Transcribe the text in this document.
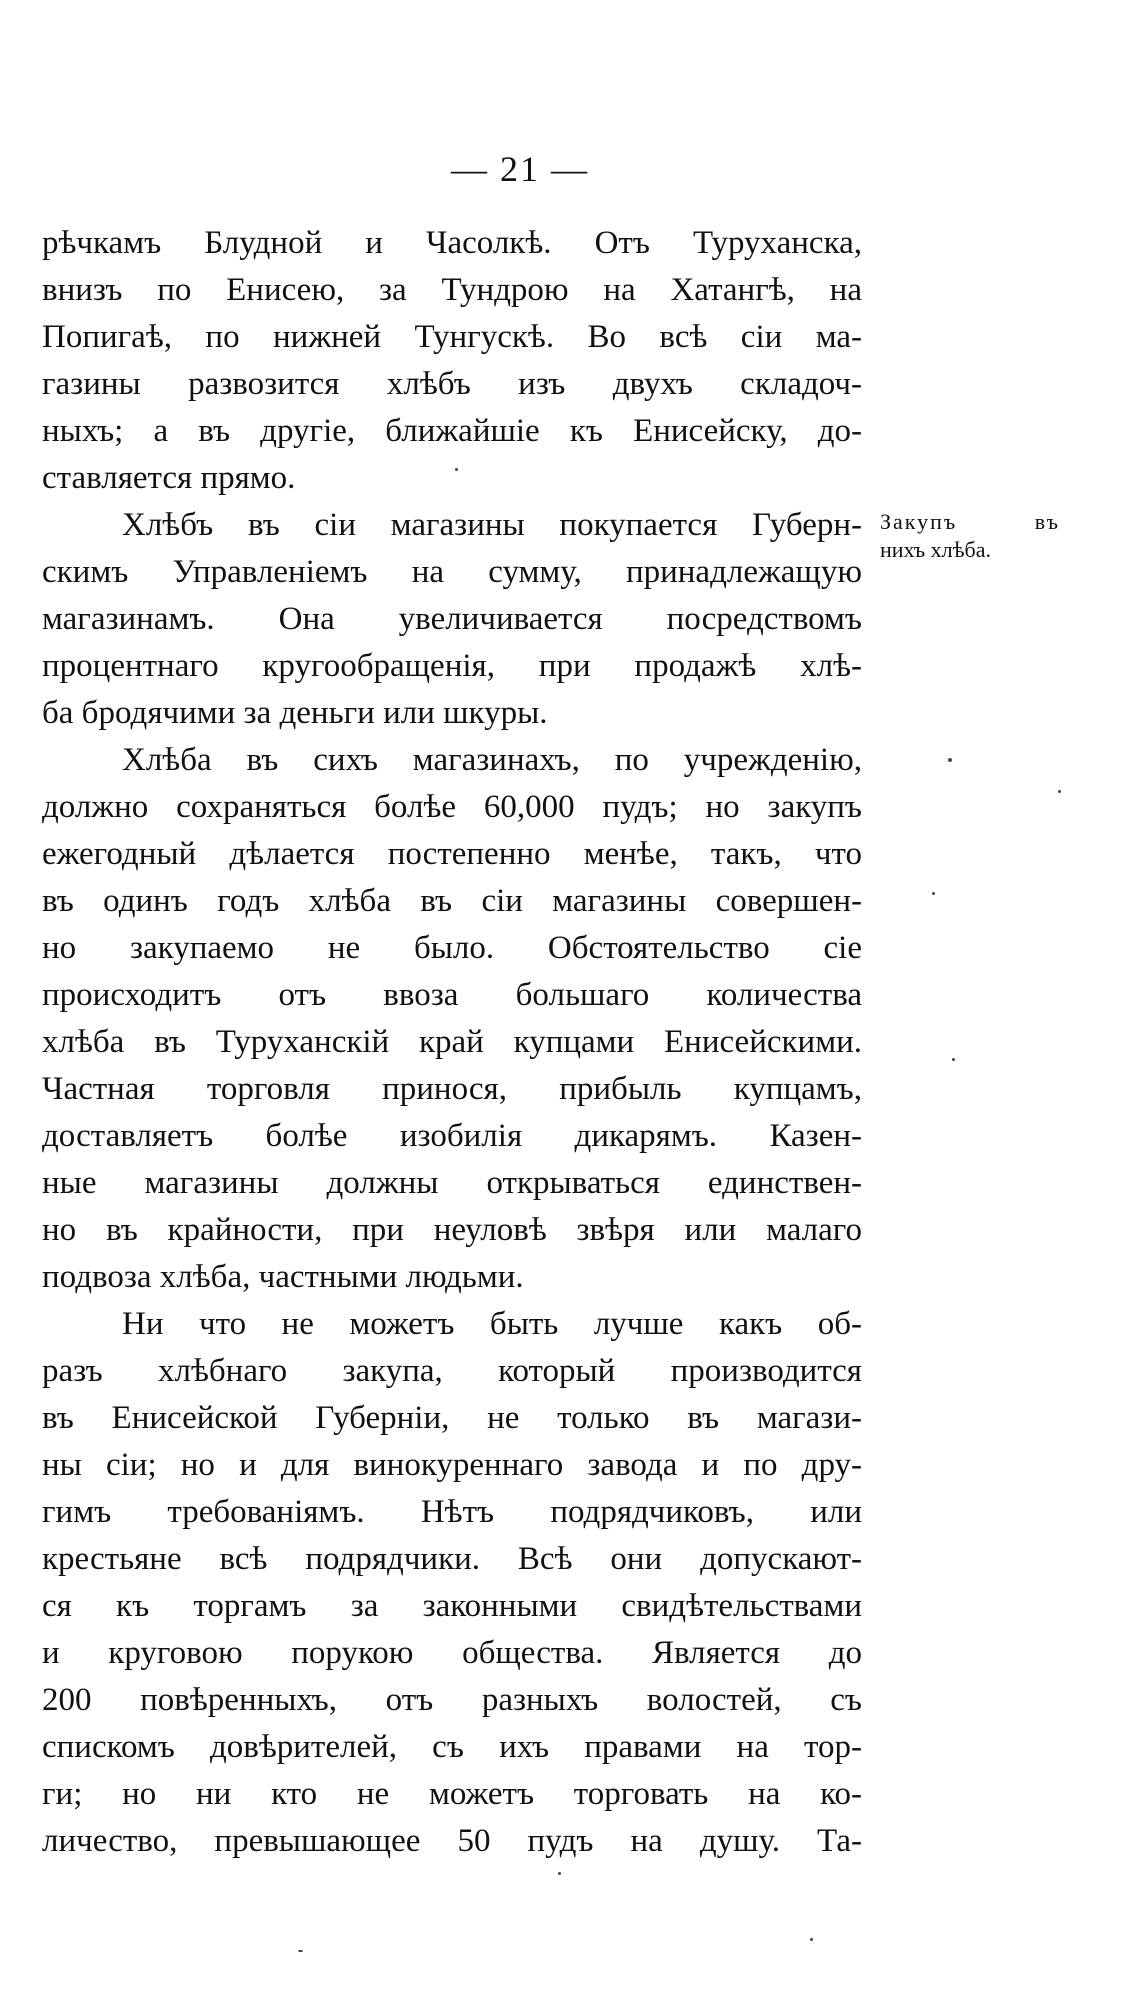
— 21 —
рѣчкамъ Блудной и Часолкѣ. Отъ Туруханска,
внизъ по Енисею, за Тундрою на Хатангѣ, на
Попигаѣ, по нижней Тунгускѣ. Во всѣ сіи ма-
газины развозится хлѣбъ изъ двухъ складоч-
ныхъ; а въ другіе, ближайшіе къ Енисейску, до-
ставляется прямо.
Хлѣбъ въ сіи магазины покупается Губерн-
скимъ Управленіемъ на сумму, принадлежащую
магазинамъ. Она увеличивается посредствомъ
процентнаго кругообращенія, при продажѣ хлѣ-
ба бродячими за деньги или шкуры.
Закупъ въ
нихъ хлѣба.
Хлѣба въ сихъ магазинахъ, по учрежденію,
должно сохраняться болѣе 60,000 пудъ; но закупъ
ежегодный дѣлается постепенно менѣе, такъ, что
въ одинъ годъ хлѣба въ сіи магазины совершен-
но закупаемо не было. Обстоятельство сіе
происходитъ отъ ввоза большаго количества
хлѣба въ Туруханскій край купцами Енисейскими.
Частная торговля принося, прибыль купцамъ,
доставляетъ болѣе изобилія дикарямъ. Казен-
ные магазины должны открываться единствен-
но въ крайности, при неуловѣ звѣря или малаго
подвоза хлѣба, частными людьми.
Ни что не можетъ быть лучше какъ об-
разъ хлѣбнаго закупа, который производится
въ Енисейской Губерніи, не только въ магази-
ны сіи; но и для винокуреннаго завода и по дру-
гимъ требованіямъ. Нѣтъ подрядчиковъ, или
крестьяне всѣ подрядчики. Всѣ они допускают-
ся къ торгамъ за законными свидѣтельствами
и круговою порукою общества. Является до
200 повѣренныхъ, отъ разныхъ волостей, съ
спискомъ довѣрителей, съ ихъ правами на тор-
ги; но ни кто не можетъ торговать на ко-
личество, превышающее 50 пудъ на душу. Та-
